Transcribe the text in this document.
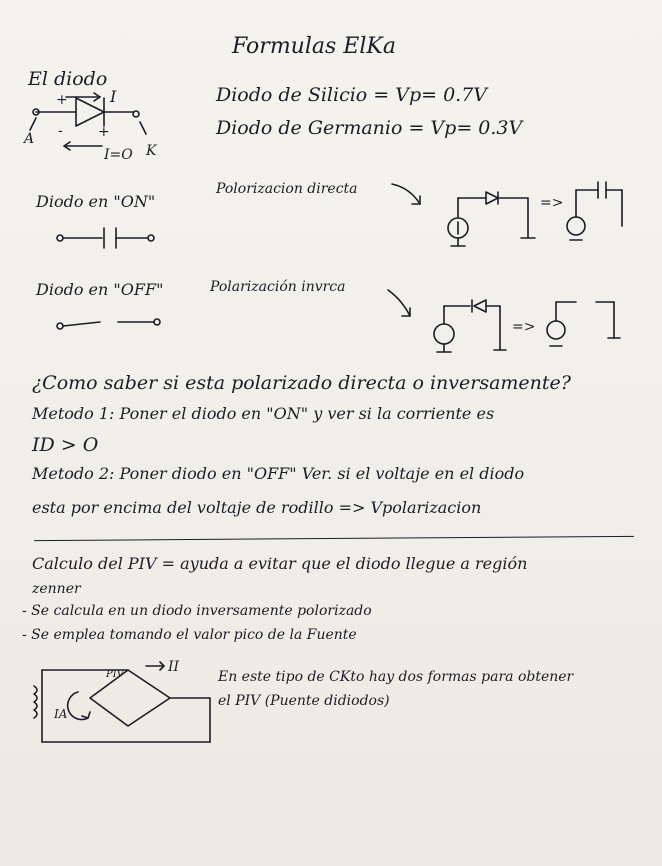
Formulas ElKa
El diodo
+	I
A
K
-	+
I=O
Diodo de Silicio = Vp= 0.7V
Diodo de Germanio = Vp= 0.3V
Diodo en "ON"
Polorizacion directa
=>
Diodo en "OFF"	Polarización invrca
=>
¿Como saber si esta polarizado directa o inversamente?
Metodo 1: Poner el diodo en "ON" y ver si la corriente es
ID > O
Metodo 2: Poner diodo en "OFF" Ver. si el voltaje en el diodo
esta por encima del voltaje de rodillo => Vpolarizacion
Calculo del PIV = ayuda a evitar que el diodo llegue a región
zenner
- Se calcula en un diodo inversamente polorizado
- Se emplea tomando el valor pico de la Fuente
PIV	II
IA
En este tipo de CKto hay dos formas para obtener
el PIV (Puente didiodos)
